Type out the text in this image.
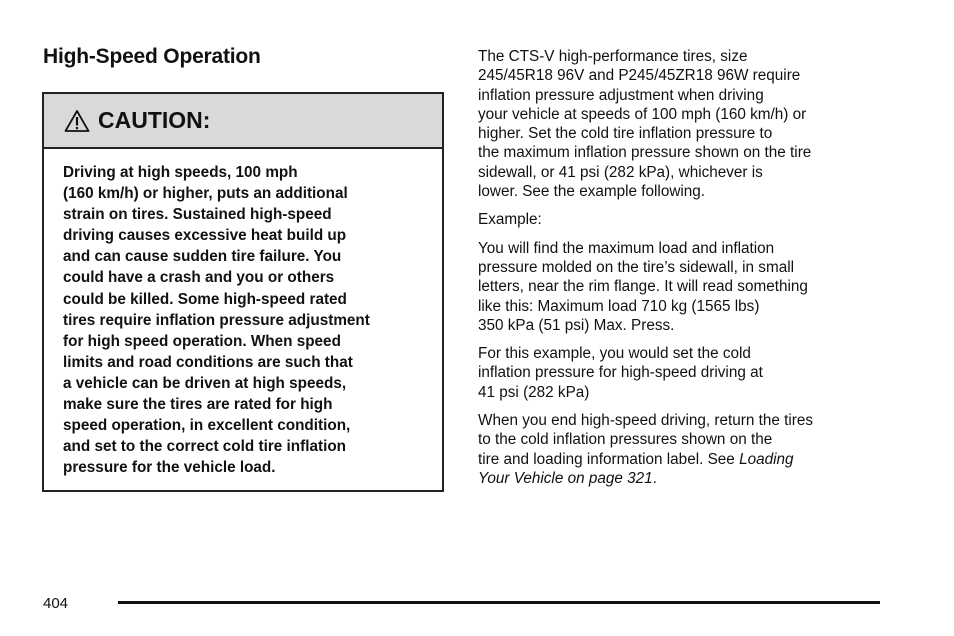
High-Speed Operation
CAUTION:
Driving at high speeds, 100 mph
(160 km/h) or higher, puts an additional
strain on tires. Sustained high-speed
driving causes excessive heat build up
and can cause sudden tire failure. You
could have a crash and you or others
could be killed. Some high-speed rated
tires require inflation pressure adjustment
for high speed operation. When speed
limits and road conditions are such that
a vehicle can be driven at high speeds,
make sure the tires are rated for high
speed operation, in excellent condition,
and set to the correct cold tire inflation
pressure for the vehicle load.
The CTS-V high-performance tires, size
245/45R18 96V and P245/45ZR18 96W require
inflation pressure adjustment when driving
your vehicle at speeds of 100 mph (160 km/h) or
higher. Set the cold tire inflation pressure to
the maximum inflation pressure shown on the tire
sidewall, or 41 psi (282 kPa), whichever is
lower. See the example following.
Example:
You will find the maximum load and inflation
pressure molded on the tire’s sidewall, in small
letters, near the rim flange. It will read something
like this: Maximum load 710 kg (1565 lbs)
350 kPa (51 psi) Max. Press.
For this example, you would set the cold
inflation pressure for high-speed driving at
41 psi (282 kPa)
When you end high-speed driving, return the tires
to the cold inflation pressures shown on the
tire and loading information label. See Loading
Your Vehicle on page 321.
404
